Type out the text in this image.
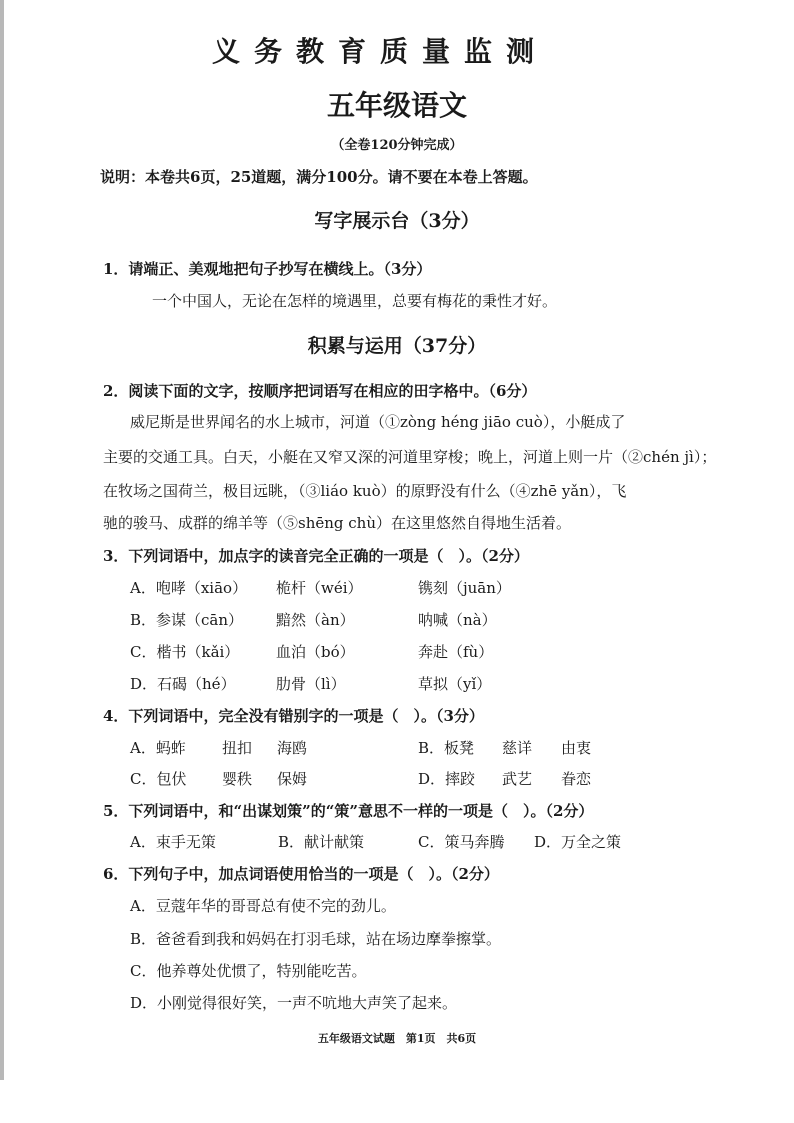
义务教育质量监测
五年级语文
（全卷120分钟完成）
说明：本卷共6页，25道题，满分100分。请不要在本卷上答题。
写字展示台（3分）
1．请端正、美观地把句子抄写在横线上。（3分）
一个中国人，无论在怎样的境遇里，总要有梅花的秉性才好。
积累与运用（37分）
2．阅读下面的文字，按顺序把词语写在相应的田字格中。（6分）
威尼斯是世界闻名的水上城市，河道（①zòng héng jiāo cuò），小艇成了
主要的交通工具。白天，小艇在又窄又深的河道里穿梭；晚上，河道上则一片（②chén jì）；
在牧场之国荷兰，极目远眺，（③liáo kuò）的原野没有什么（④zhē yǎn），飞
驰的骏马、成群的绵羊等（⑤shēng chù）在这里悠然自得地生活着。
3．下列词语中，加点字的读音完全正确的一项是（　）。（2分）
A．咆哮（xiāo） 桅杆（wéi）	镌刻（juān）
B．参谋（cān） 黯然（àn）	呐喊（nà）
C．楷书（kǎi） 血泊（bó）	奔赴（fù）
D．石碣（hé）	肋骨（lì）	草拟（yǐ）
4．下列词语中，完全没有错别字的一项是（　）。（3分）
A．蚂蚱 扭扣 海鸥	B．板凳 慈详 由衷
C．包伏 婴秩 保姆	D．摔跤 武艺 眷恋
5．下列词语中，和“出谋划策”的“策”意思不一样的一项是（　）。（2分）
A．束手无策	B．献计献策	C．策马奔腾 D．万全之策
6．下列句子中，加点词语使用恰当的一项是（　）。（2分）
A．豆蔻年华的哥哥总有使不完的劲儿。
B．爸爸看到我和妈妈在打羽毛球，站在场边摩拳擦掌。
C．他养尊处优惯了，特别能吃苦。
D．小刚觉得很好笑，一声不吭地大声笑了起来。
五年级语文试题　第1页　共6页
